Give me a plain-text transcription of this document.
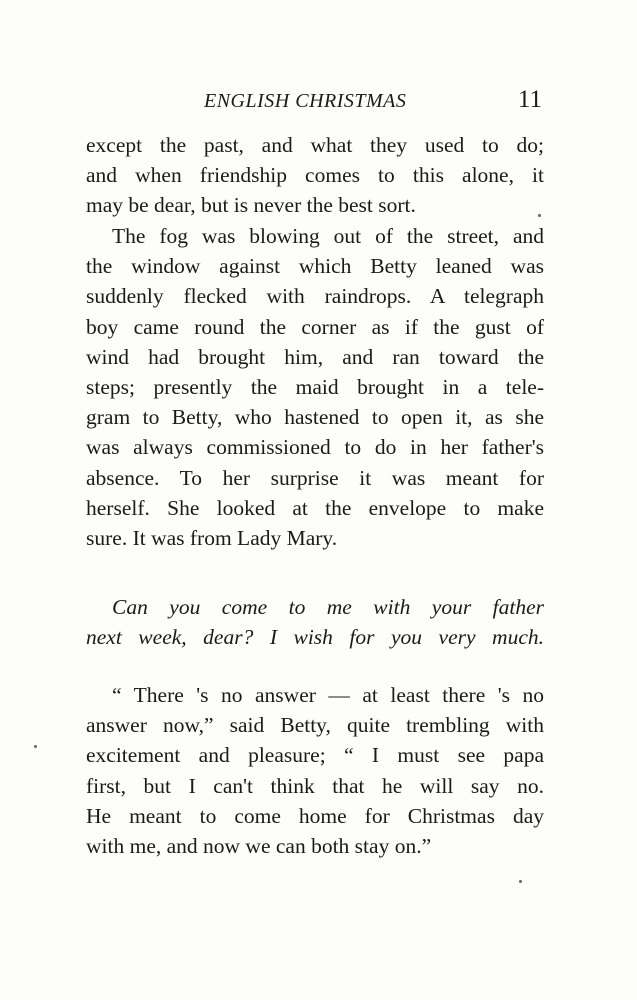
ENGLISH CHRISTMAS	11
except the past, and what they used to do;
and when friendship comes to this alone, it
may be dear, but is never the best sort.
The fog was blowing out of the street, and
the window against which Betty leaned was
suddenly flecked with raindrops. A telegraph
boy came round the corner as if the gust of
wind had brought him, and ran toward the
steps; presently the maid brought in a tele-
gram to Betty, who hastened to open it, as she
was always commissioned to do in her father's
absence. To her surprise it was meant for
herself. She looked at the envelope to make
sure. It was from Lady Mary.
Can you come to me with your father
next week, dear? I wish for you very much.
“ There 's no answer — at least there 's no
answer now,” said Betty, quite trembling with
excitement and pleasure; “ I must see papa
first, but I can't think that he will say no.
He meant to come home for Christmas day
with me, and now we can both stay on.”
